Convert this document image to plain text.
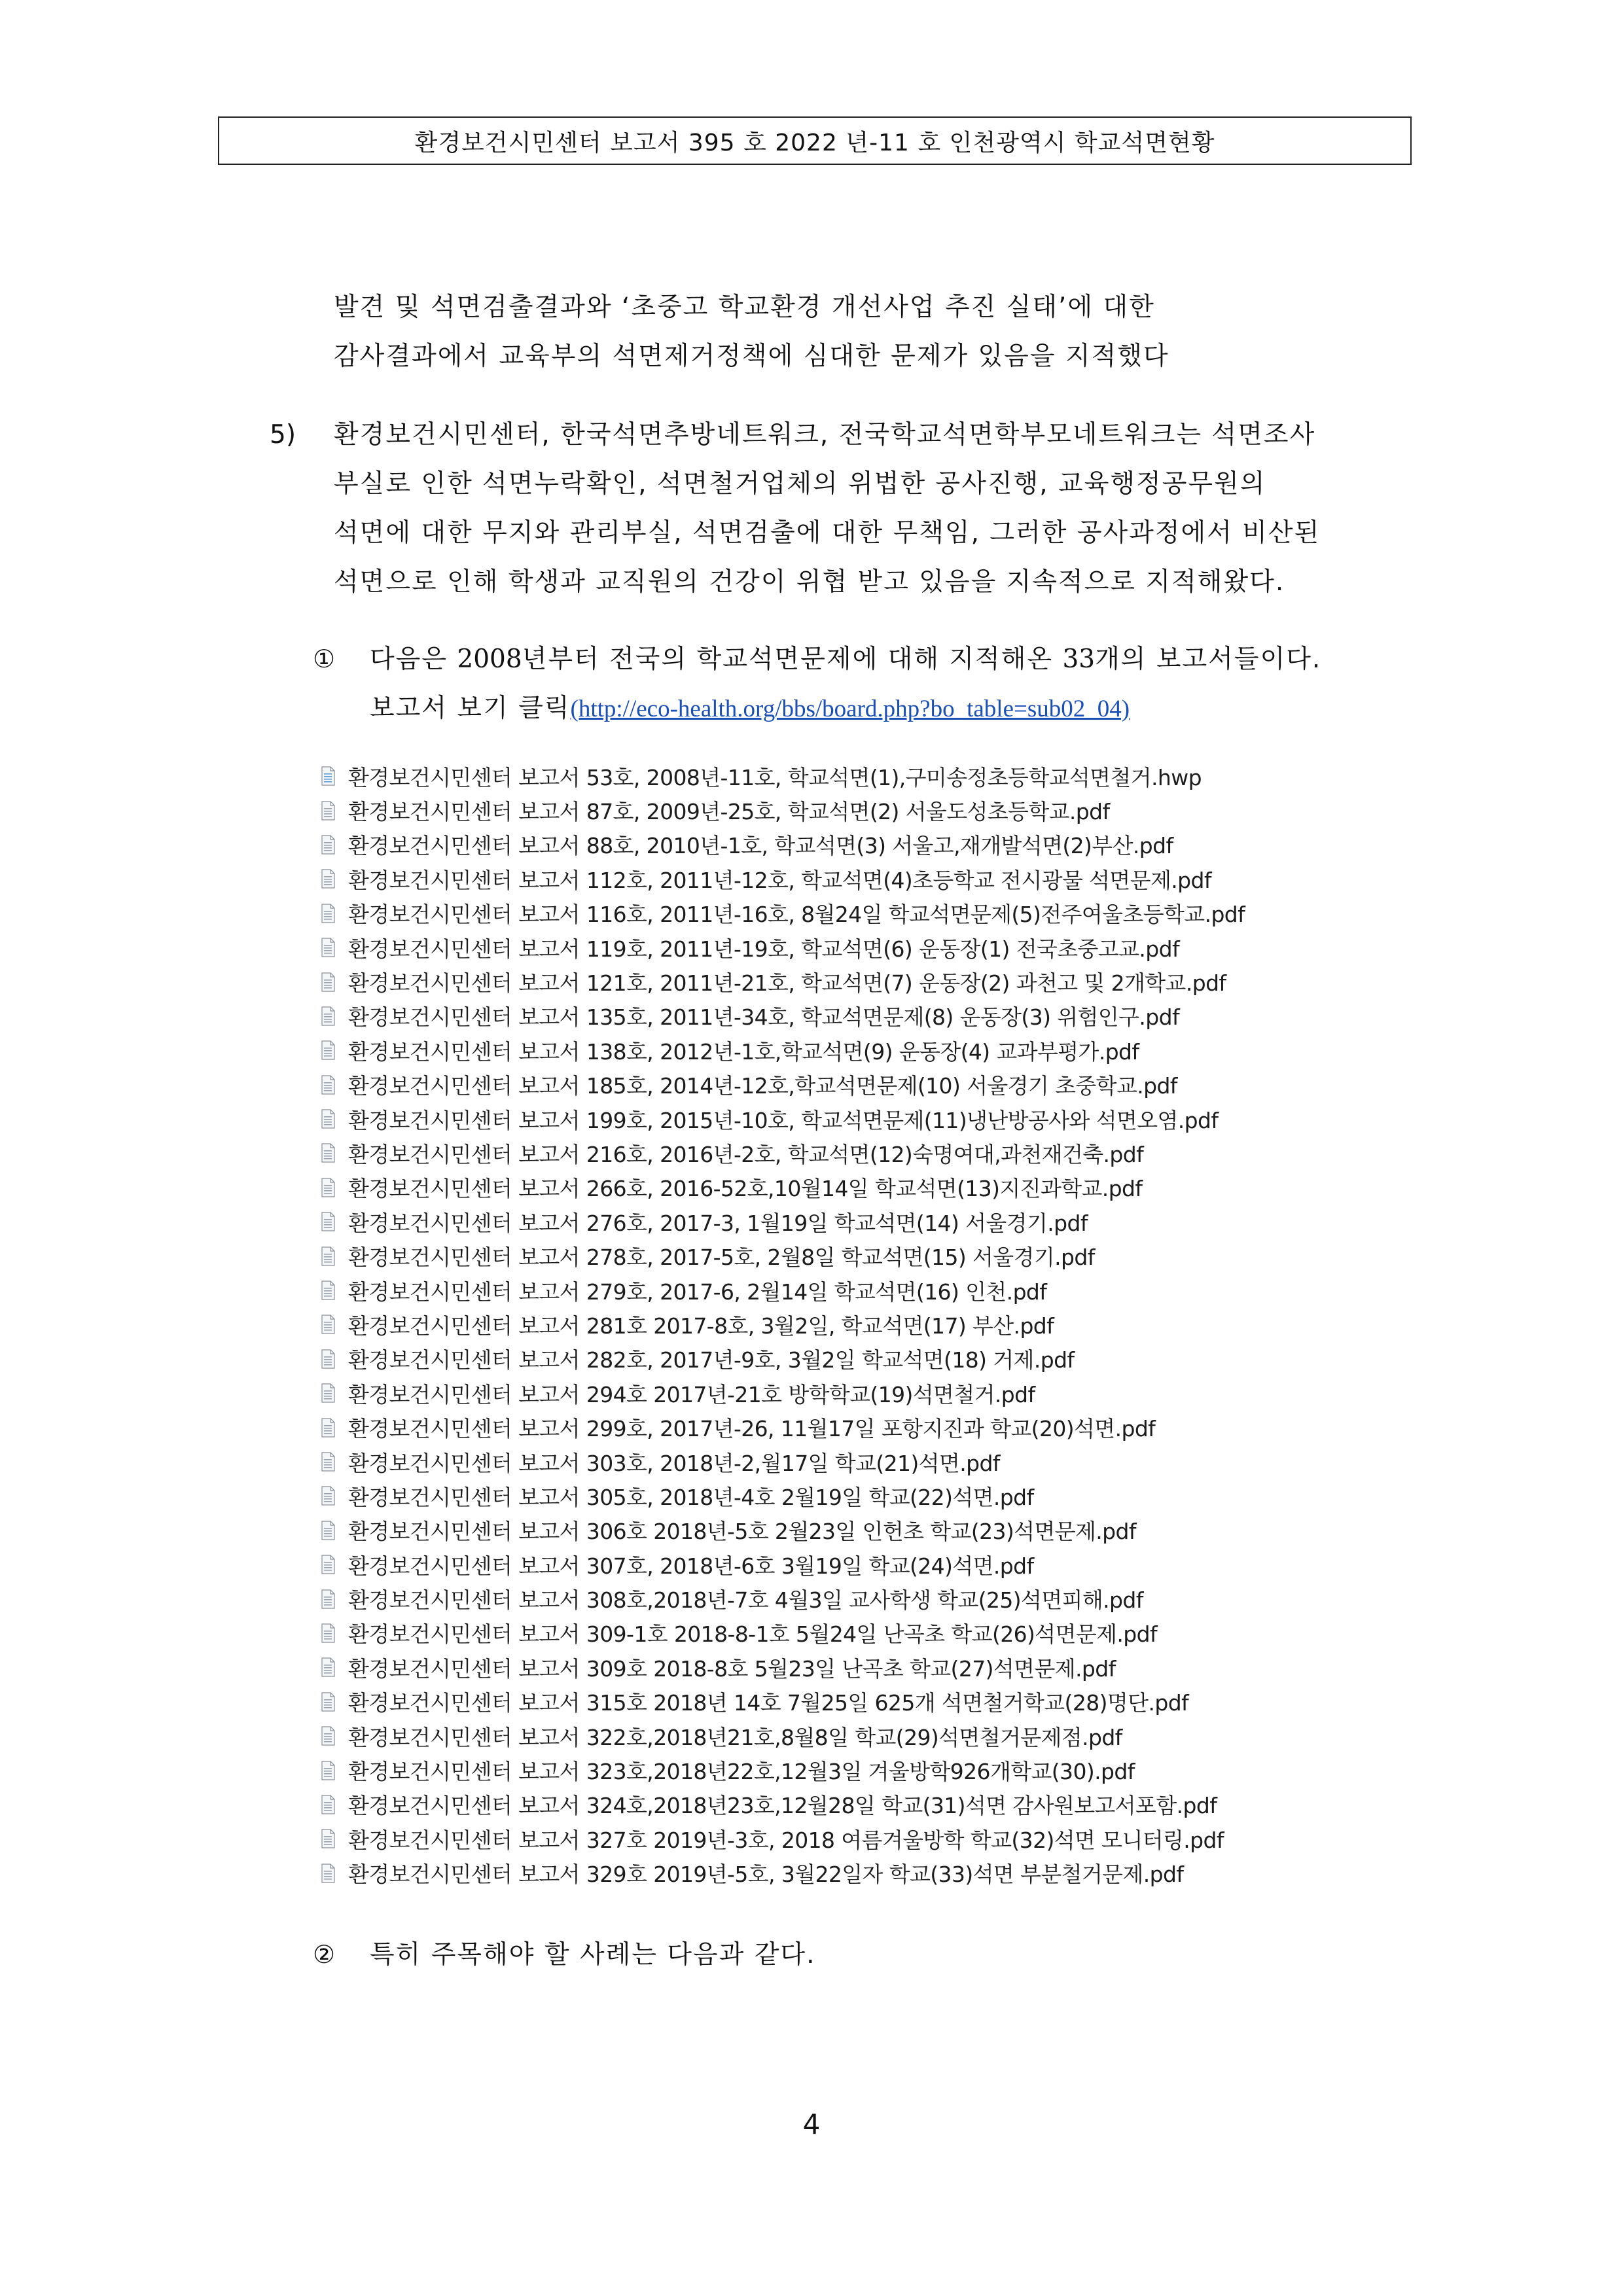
환경보건시민센터 보고서 395 호 2022 년-11 호 인천광역시 학교석면현황
발견 및 석면검출결과와 ‘초중고 학교환경 개선사업 추진 실태’에 대한
감사결과에서 교육부의 석면제거정책에 심대한 문제가 있음을 지적했다
5) 환경보건시민센터, 한국석면추방네트워크, 전국학교석면학부모네트워크는 석면조사
부실로 인한 석면누락확인, 석면철거업체의 위법한 공사진행, 교육행정공무원의
석면에 대한 무지와 관리부실, 석면검출에 대한 무책임, 그러한 공사과정에서 비산된
석면으로 인해 학생과 교직원의 건강이 위협 받고 있음을 지속적으로 지적해왔다.
① 다음은 2008년부터 전국의 학교석면문제에 대해 지적해온 33개의 보고서들이다.
보고서 보기 클릭(http://eco-health.org/bbs/board.php?bo_table=sub02_04)
환경보건시민센터 보고서 53호, 2008년-11호, 학교석면(1),구미송정초등학교석면철거.hwp
환경보건시민센터 보고서 87호, 2009년-25호, 학교석면(2) 서울도성초등학교.pdf
환경보건시민센터 보고서 88호, 2010년-1호, 학교석면(3) 서울고,재개발석면(2)부산.pdf
환경보건시민센터 보고서 112호, 2011년-12호, 학교석면(4)초등학교 전시광물 석면문제.pdf
환경보건시민센터 보고서 116호, 2011년-16호, 8월24일 학교석면문제(5)전주여울초등학교.pdf
환경보건시민센터 보고서 119호, 2011년-19호, 학교석면(6) 운동장(1) 전국초중고교.pdf
환경보건시민센터 보고서 121호, 2011년-21호, 학교석면(7) 운동장(2) 과천고 및 2개학교.pdf
환경보건시민센터 보고서 135호, 2011년-34호, 학교석면문제(8) 운동장(3) 위험인구.pdf
환경보건시민센터 보고서 138호, 2012년-1호,학교석면(9) 운동장(4) 교과부평가.pdf
환경보건시민센터 보고서 185호, 2014년-12호,학교석면문제(10) 서울경기 초중학교.pdf
환경보건시민센터 보고서 199호, 2015년-10호, 학교석면문제(11)냉난방공사와 석면오염.pdf
환경보건시민센터 보고서 216호, 2016년-2호, 학교석면(12)숙명여대,과천재건축.pdf
환경보건시민센터 보고서 266호, 2016-52호,10월14일 학교석면(13)지진과학교.pdf
환경보건시민센터 보고서 276호, 2017-3, 1월19일 학교석면(14) 서울경기.pdf
환경보건시민센터 보고서 278호, 2017-5호, 2월8일 학교석면(15) 서울경기.pdf
환경보건시민센터 보고서 279호, 2017-6, 2월14일 학교석면(16) 인천.pdf
환경보건시민센터 보고서 281호 2017-8호, 3월2일, 학교석면(17) 부산.pdf
환경보건시민센터 보고서 282호, 2017년-9호, 3월2일 학교석면(18) 거제.pdf
환경보건시민센터 보고서 294호 2017년-21호 방학학교(19)석면철거.pdf
환경보건시민센터 보고서 299호, 2017년-26, 11월17일 포항지진과 학교(20)석면.pdf
환경보건시민센터 보고서 303호, 2018년-2,월17일 학교(21)석면.pdf
환경보건시민센터 보고서 305호, 2018년-4호 2월19일 학교(22)석면.pdf
환경보건시민센터 보고서 306호 2018년-5호 2월23일 인헌초 학교(23)석면문제.pdf
환경보건시민센터 보고서 307호, 2018년-6호 3월19일 학교(24)석면.pdf
환경보건시민센터 보고서 308호,2018년-7호 4월3일 교사학생 학교(25)석면피해.pdf
환경보건시민센터 보고서 309-1호 2018-8-1호 5월24일 난곡초 학교(26)석면문제.pdf
환경보건시민센터 보고서 309호 2018-8호 5월23일 난곡초 학교(27)석면문제.pdf
환경보건시민센터 보고서 315호 2018년 14호 7월25일 625개 석면철거학교(28)명단.pdf
환경보건시민센터 보고서 322호,2018년21호,8월8일 학교(29)석면철거문제점.pdf
환경보건시민센터 보고서 323호,2018년22호,12월3일 겨울방학926개학교(30).pdf
환경보건시민센터 보고서 324호,2018년23호,12월28일 학교(31)석면 감사원보고서포함.pdf
환경보건시민센터 보고서 327호 2019년-3호, 2018 여름겨울방학 학교(32)석면 모니터링.pdf
환경보건시민센터 보고서 329호 2019년-5호, 3월22일자 학교(33)석면 부분철거문제.pdf
② 특히 주목해야 할 사례는 다음과 같다.
4
